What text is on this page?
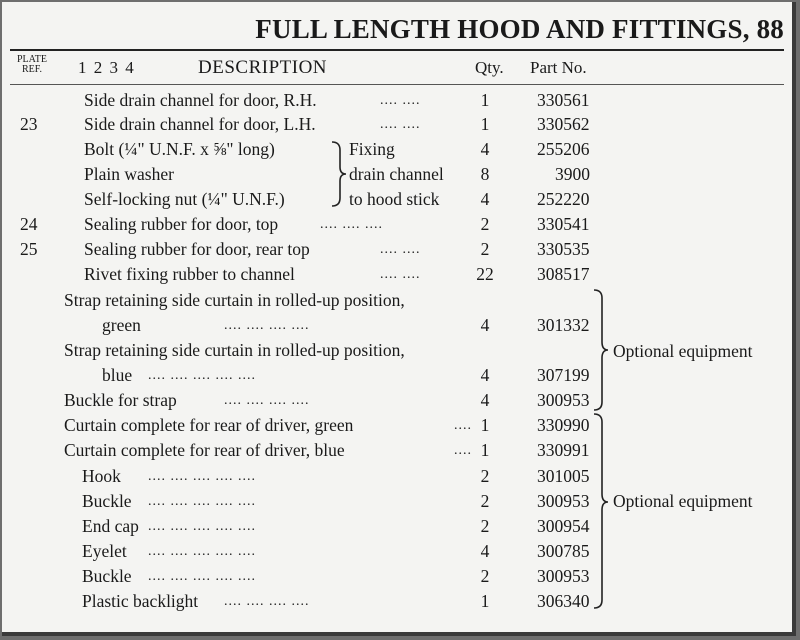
FULL LENGTH HOOD AND FITTINGS, 88
PLATE
REF.	1 2 3 4	DESCRIPTION	Qty. Part No.
Side drain channel for door, R.H.	.... ....	1	330561
23	Side drain channel for door, L.H.	.... ....	1	330562
Bolt (¼" U.N.F. x ⅝" long)	4	255206
Plain washer	8	3900
Self-locking nut (¼" U.N.F.)	4	252220
24	Sealing rubber for door, top	.... .... ....	2	330541
25	Sealing rubber for door, rear top	.... ....	2	330535
Rivet fixing rubber to channel	.... ....	22 308517
Strap retaining side curtain in rolled-up position,
green	.... .... .... ....	4	301332
Strap retaining side curtain in rolled-up position,
blue .... .... .... .... ....	4	307199
Buckle for strap	.... .... .... ....	4	300953
Curtain complete for rear of driver, green	.... 1	330990
Curtain complete for rear of driver, blue	.... 1	330991
Hook .... .... .... .... ....	2	301005
Buckle .... .... .... .... ....	2	300953
End cap .... .... .... .... ....	2	300954
Eyelet .... .... .... .... ....	4	300785
Buckle .... .... .... .... ....	2	300953
Plastic backlight .... .... .... ....	1	306340
Fixing
drain channel
to hood stick
Optional equipment
Optional equipment
